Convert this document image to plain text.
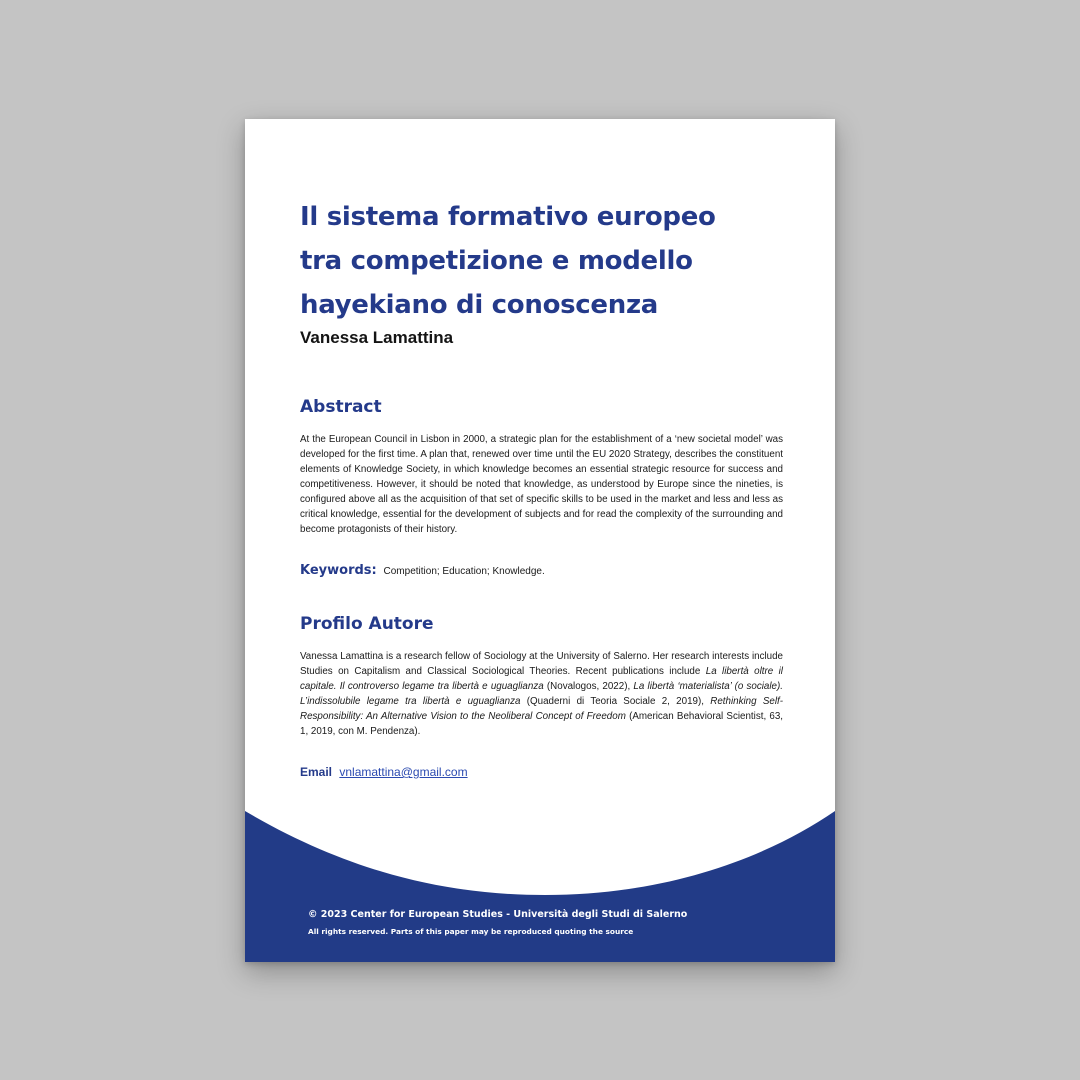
Il sistema formativo europeo
tra competizione e modello
hayekiano di conoscenza
Vanessa Lamattina
Abstract

At the European Council in Lisbon in 2000, a strategic plan for the establishment of a ‘new societal model’ was developed for the first time. A plan that, renewed over time until the EU 2020 Strategy, describes the constituent elements of Knowledge Society, in which knowledge becomes an essential strategic resource for success and competitiveness. However, it should be noted that knowledge, as understood by Europe since the nineties, is configured above all as the acquisition of that set of specific skills to be used in the market and less and less as critical knowledge, essential for the development of subjects and for read the complexity of the surrounding and become protagonists of their history.

Keywords: Competition; Education; Knowledge.
Profilo Autore

Vanessa Lamattina is a research fellow of Sociology at the University of Salerno. Her research interests include Studies on Capitalism and Classical Sociological Theories. Recent publications include La libertà oltre il capitale. Il controverso legame tra libertà e uguaglianza (Novalogos, 2022), La libertà ‘materialista’ (o sociale). L’indissolubile legame tra libertà e uguaglianza (Quaderni di Teoria Sociale 2, 2019), Rethinking Self-Responsibility: An Alternative Vision to the Neoliberal Concept of Freedom (American Behavioral Scientist, 63, 1, 2019, con M. Pendenza).

Email vnlamattina@gmail.com
© 2023 Center for European Studies - Università degli Studi di Salerno
All rights reserved. Parts of this paper may be reproduced quoting the source
